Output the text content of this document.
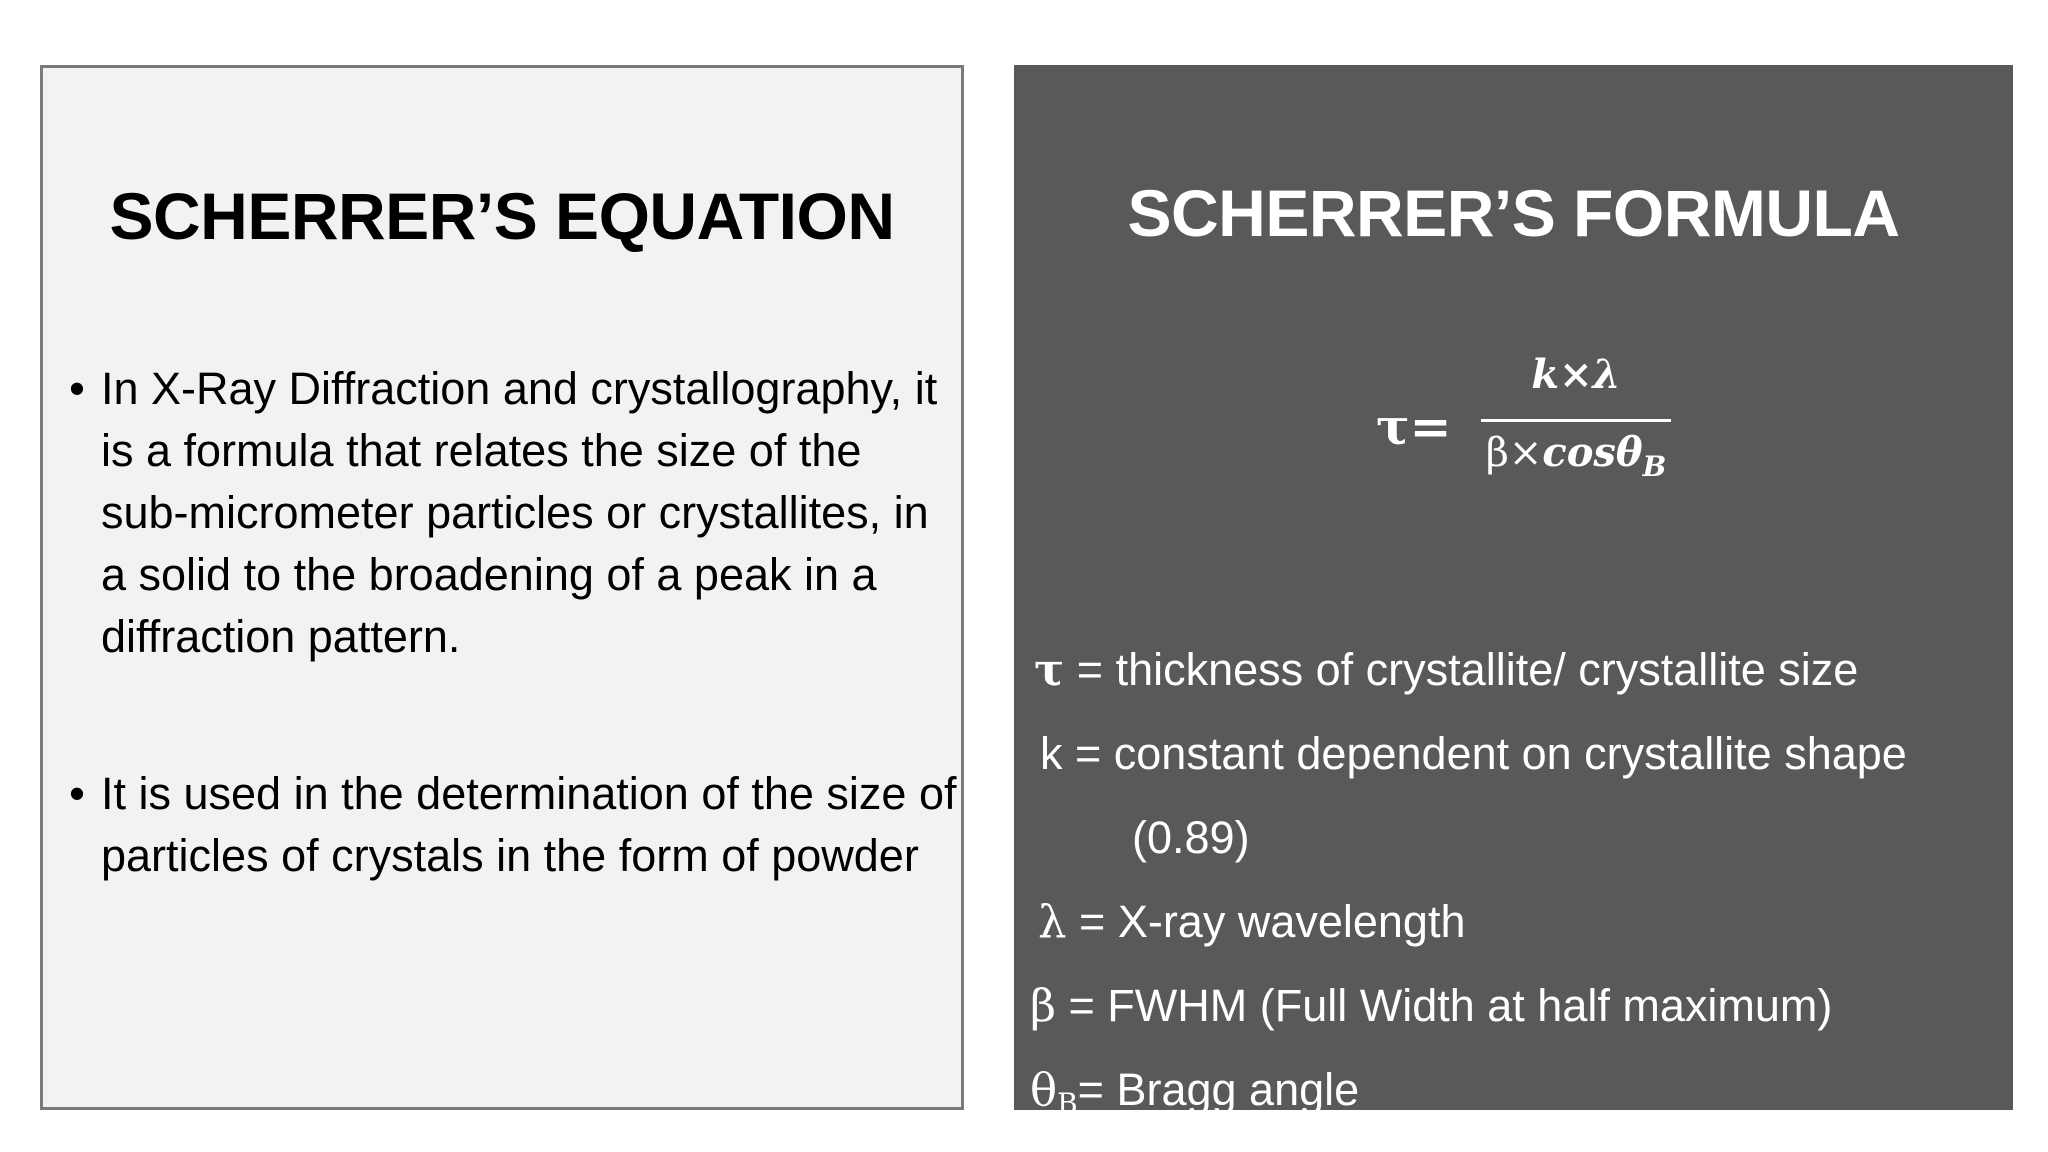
SCHERRER’S EQUATION
• In X-Ray Diffraction and crystallography, it is a formula that relates the size of the sub-micrometer particles or crystallites, in a solid to the broadening of a peak in a diffraction pattern.
• It is used in the determination of the size of particles of crystals in the form of powder
SCHERRER’S FORMULA
τ=
k×λ
β×cosθ$_B$
τ = thickness of crystallite/ crystallite size
k = constant dependent on crystallite shape
(0.89)
λ = X-ray wavelength
β = FWHM (Full Width at half maximum)
$\theta_B=$ Bragg angle
